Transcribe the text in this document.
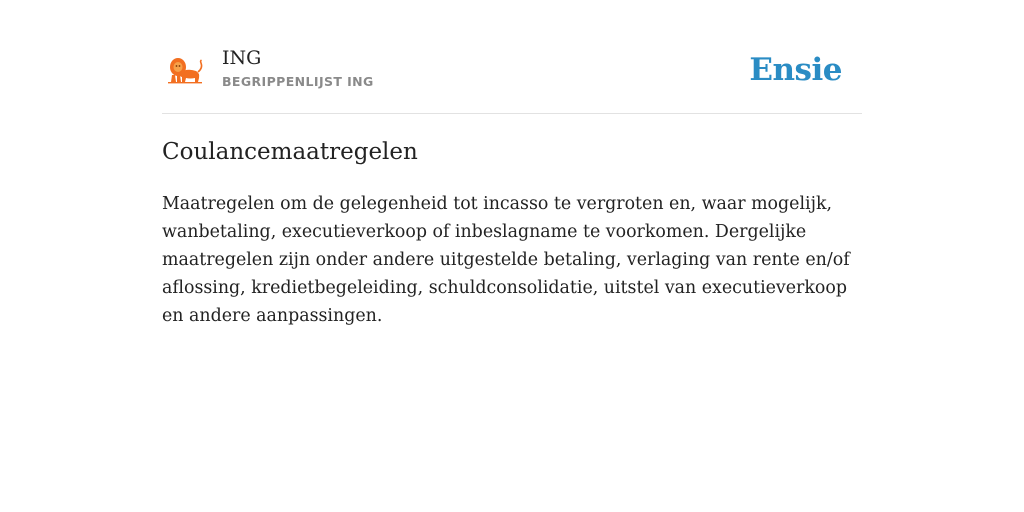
ING
BEGRIPPENLIJST ING	Ensie
Coulancemaatregelen

Maatregelen om de gelegenheid tot incasso te vergroten en, waar mogelijk, wanbetaling, executieverkoop of inbeslagname te voorkomen. Dergelijke maatregelen zijn onder andere uitgestelde betaling, verlaging van rente en/of aflossing, kredietbegeleiding, schuldconsolidatie, uitstel van executieverkoop en andere aanpassingen.
